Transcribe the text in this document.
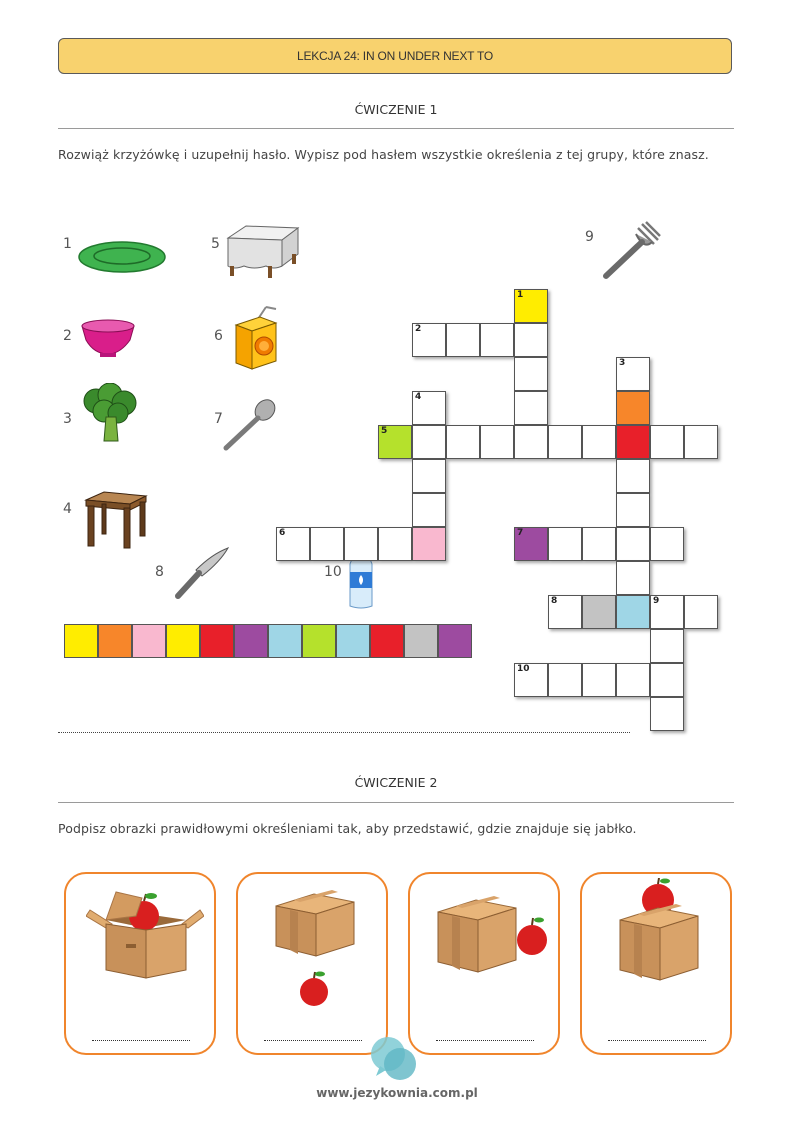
LEKCJA 24: IN ON UNDER NEXT TO
ĆWICZENIE 1
Rozwiąż krzyżówkę i uzupełnij hasło. Wypisz pod hasłem wszystkie określenia z tej grupy, które znasz.
1
2
3
4
5
6
7
8
9
10
1
2
3
4
5
6	7
8	9
10
ĆWICZENIE 2
Podpisz obrazki prawidłowymi określeniami tak, aby przedstawić, gdzie znajduje się jabłko.
www.jezykownia.com.pl
